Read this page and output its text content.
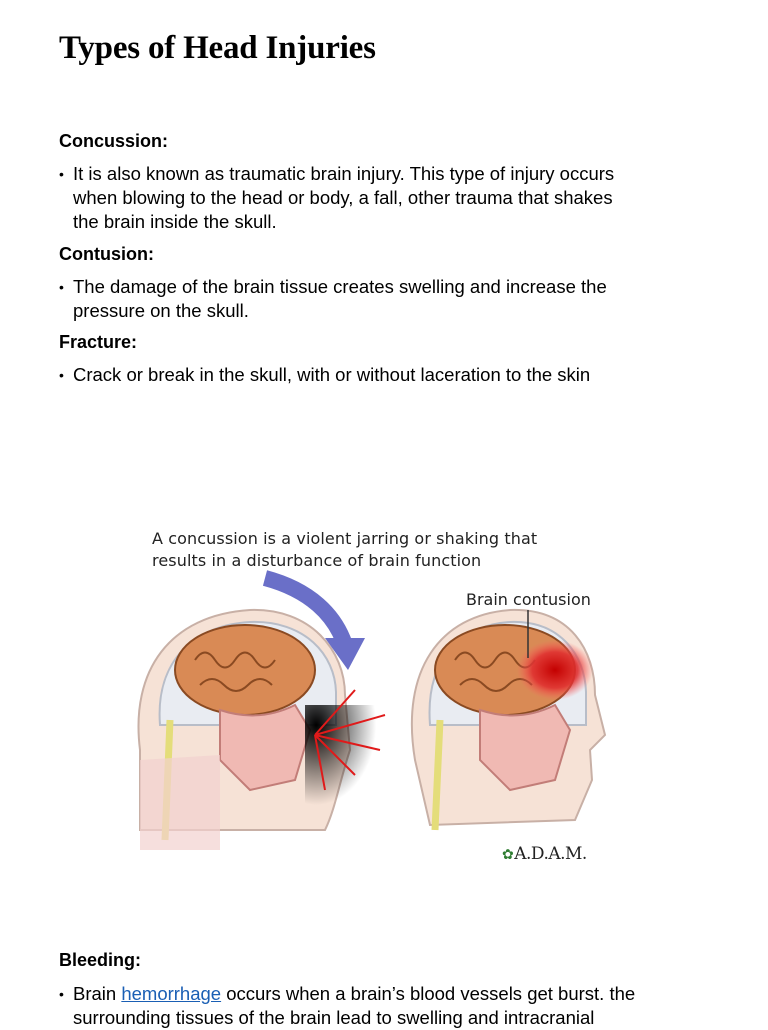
Types of Head Injuries
Concussion:
• It is also known as traumatic brain injury. This type of injury occurs
when blowing to the head or body, a fall, other trauma that shakes
the brain inside the skull.
Contusion:
• The damage of the brain tissue creates swelling and increase the
pressure on the skull.
Fracture:
• Crack or break in the skull, with or without laceration to the skin
A concussion is a violent jarring or shaking that
results in a disturbance of brain function
Brain contusion
✿A.D.A.M.
Bleeding:
• Brain hemorrhage occurs when a brain’s blood vessels get burst. the
surrounding tissues of the brain lead to swelling and intracranial
